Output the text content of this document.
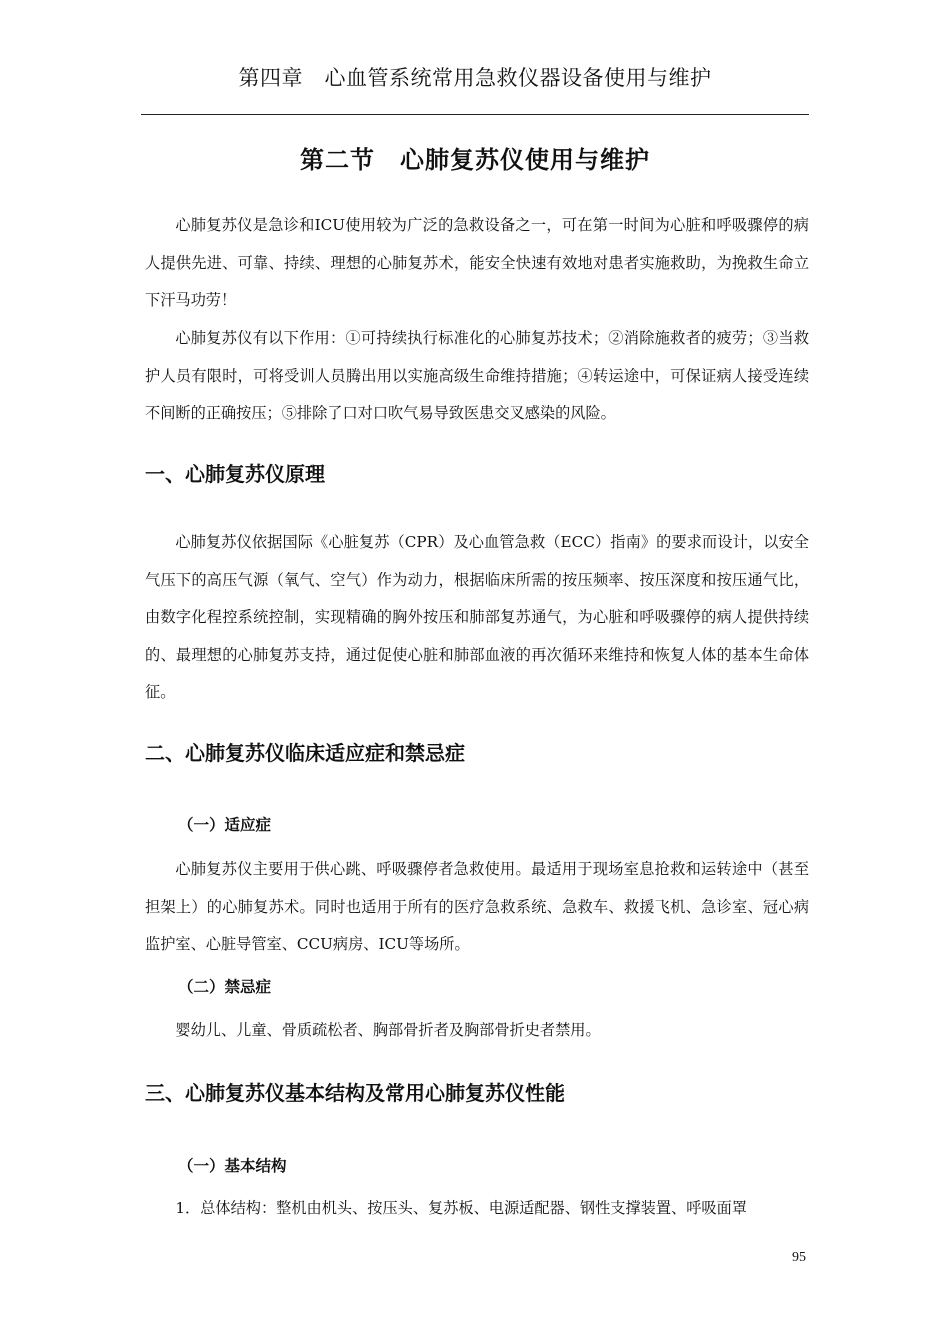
第四章　心血管系统常用急救仪器设备使用与维护
第二节　心肺复苏仪使用与维护

心肺复苏仪是急诊和ICU使用较为广泛的急救设备之一，可在第一时间为心脏和呼吸骤停的病人提供先进、可靠、持续、理想的心肺复苏术，能安全快速有效地对患者实施救助，为挽救生命立下汗马功劳！

心肺复苏仪有以下作用：①可持续执行标准化的心肺复苏技术；②消除施救者的疲劳；③当救护人员有限时，可将受训人员腾出用以实施高级生命维持措施；④转运途中，可保证病人接受连续不间断的正确按压；⑤排除了口对口吹气易导致医患交叉感染的风险。

一、心肺复苏仪原理

心肺复苏仪依据国际《心脏复苏（CPR）及心血管急救（ECC）指南》的要求而设计，以安全气压下的高压气源（氧气、空气）作为动力，根据临床所需的按压频率、按压深度和按压通气比，由数字化程控系统控制，实现精确的胸外按压和肺部复苏通气，为心脏和呼吸骤停的病人提供持续的、最理想的心肺复苏支持，通过促使心脏和肺部血液的再次循环来维持和恢复人体的基本生命体征。

二、心肺复苏仪临床适应症和禁忌症
（一）适应症

心肺复苏仪主要用于供心跳、呼吸骤停者急救使用。最适用于现场室息抢救和运转途中（甚至担架上）的心肺复苏术。同时也适用于所有的医疗急救系统、急救车、救援飞机、急诊室、冠心病监护室、心脏导管室、CCU病房、ICU等场所。

（二）禁忌症

婴幼儿、儿童、骨质疏松者、胸部骨折者及胸部骨折史者禁用。

三、心肺复苏仪基本结构及常用心肺复苏仪性能
（一）基本结构

1．总体结构：整机由机头、按压头、复苏板、电源适配器、钢性支撑装置、呼吸面罩

95
